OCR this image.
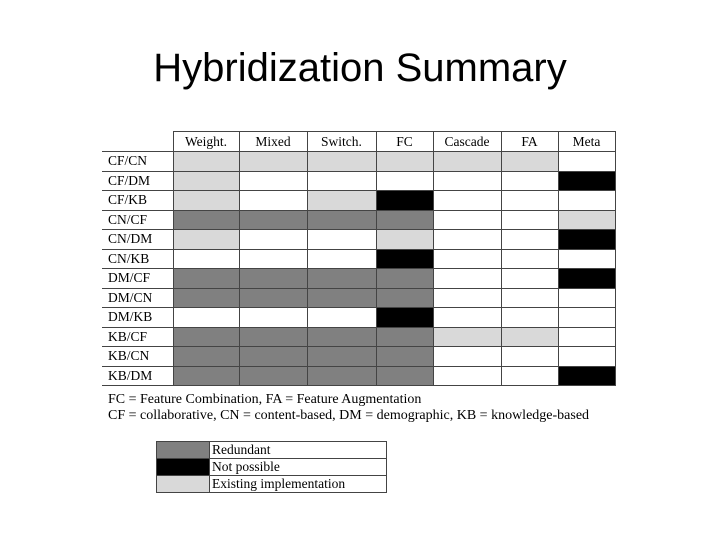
Hybridization Summary
	Weight.	Mixed	Switch.	FC	Cascade	FA	Meta
CF/CN							
CF/DM							
CF/KB							
CN/CF							
CN/DM							
CN/KB							
DM/CF							
DM/CN							
DM/KB							
KB/CF							
KB/CN							
KB/DM							
FC = Feature Combination, FA = Feature Augmentation
CF = collaborative, CN = content-based, DM = demographic, KB = knowledge-based
	Redundant
	Not possible
	Existing implementation
